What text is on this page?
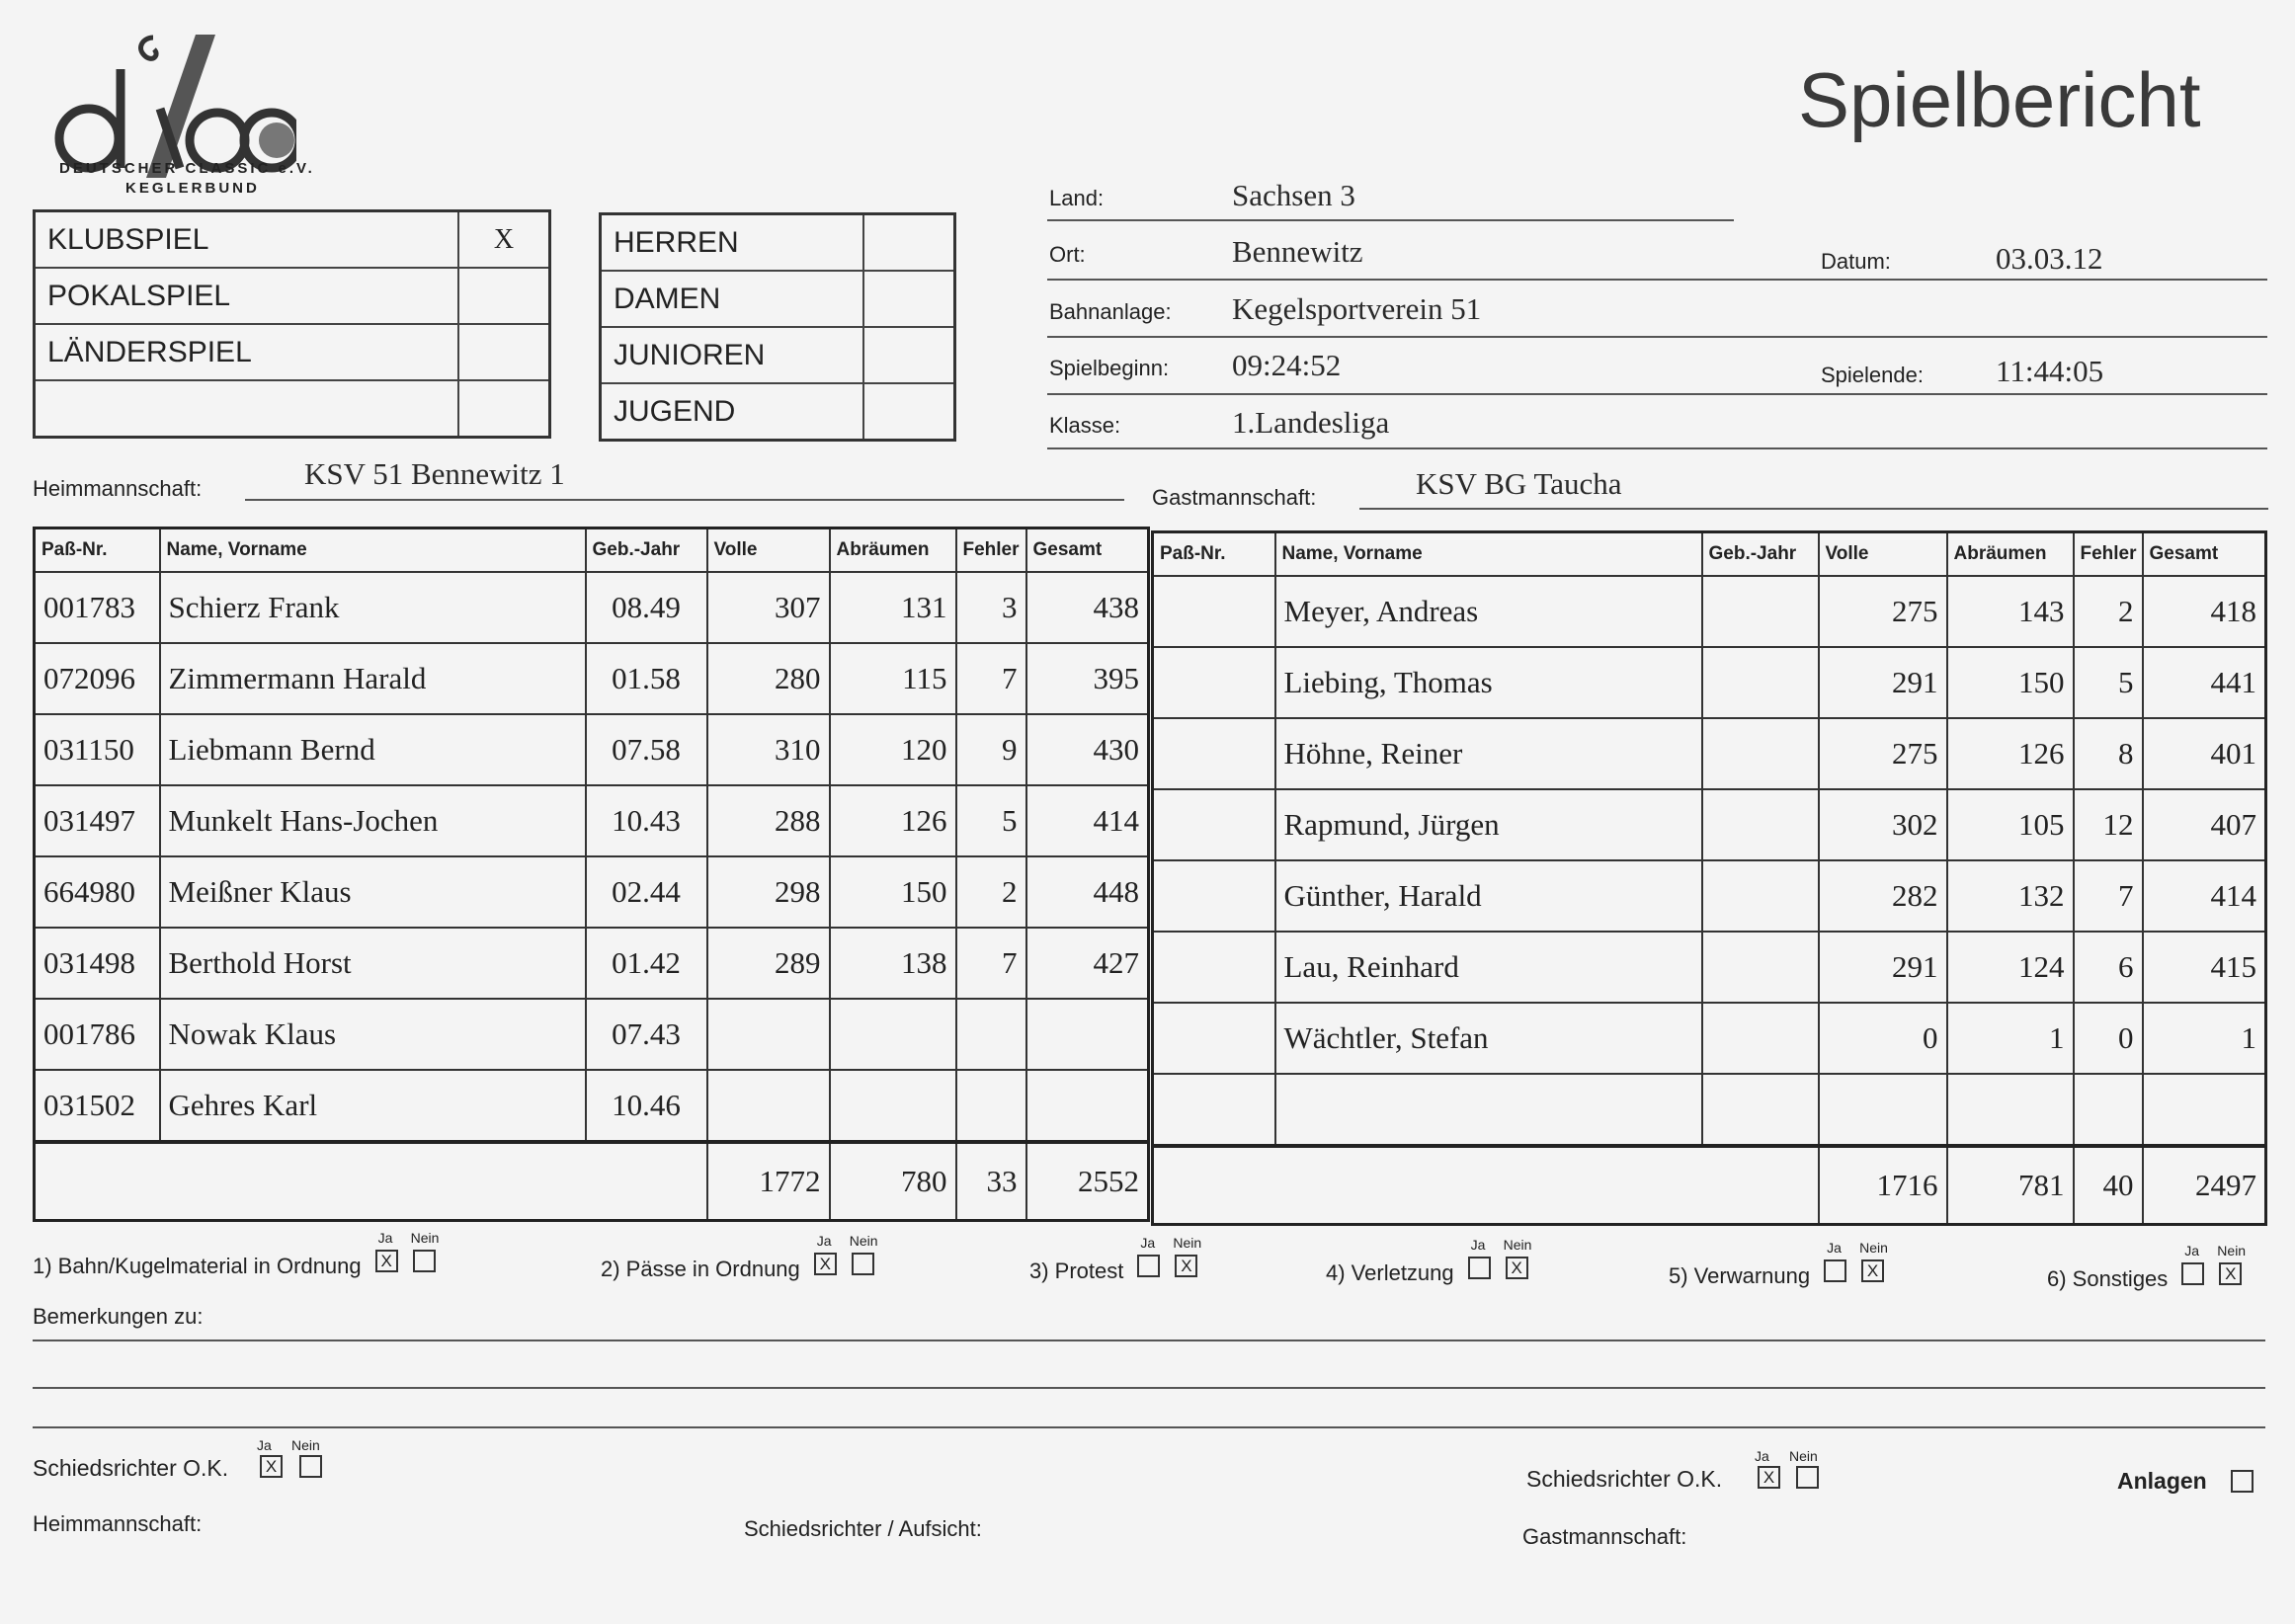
DEUTSCHER CLASSIC e.V.
KEGLERBUND
Spielbericht
KLUBSPIEL	X
POKALSPIEL	
LÄNDERSPIEL	

HERREN	
DAMEN	
JUNIOREN	
JUGEND	
Land:	Sachsen 3
Ort:	Bennewitz	Datum:	03.03.12
Bahnanlage: Kegelsportverein 51
Spielbeginn: 09:24:52	Spielende: 11:44:05
Klasse:	1.Landesliga
Heimmannschaft:	KSV 51 Bennewitz 1
Gastmannschaft:	KSV BG Taucha
Paß-Nr.	Name, Vorname	Geb.-Jahr	Volle	Abräumen	Fehler	Gesamt
001783	Schierz Frank	08.49	307	131	3	438
072096	Zimmermann Harald	01.58	280	115	7	395
031150	Liebmann Bernd	07.58	310	120	9	430
031497	Munkelt Hans-Jochen	10.43	288	126	5	414
664980	Meißner Klaus	02.44	298	150	2	448
031498	Berthold Horst	01.42	289	138	7	427
001786	Nowak Klaus	07.43				
031502	Gehres Karl	10.46				
			1772	780	33	2552
Paß-Nr.	Name, Vorname	Geb.-Jahr	Volle	Abräumen	Fehler	Gesamt
	Meyer, Andreas		275	143	2	418
	Liebing, Thomas		291	150	5	441
	Höhne, Reiner		275	126	8	401
	Rapmund, Jürgen		302	105	12	407
	Günther, Harald		282	132	7	414
	Lau, Reinhard		291	124	6	415
	Wächtler, Stefan		0	1	0	1

			1716	781	40	2497
1) Bahn/Kugelmaterial in Ordnung
Ja Nein
X	2) Pässe in Ordnung
Ja Nein
X	3) Protest
Ja Nein
X	4) Verletzung
Ja Nein
X	5) Verwarnung
Ja Nein
X	6) Sonstiges
Ja Nein
X
Bemerkungen zu:
Ja Nein
Schiedsrichter O.K.	X
Ja Nein
Schiedsrichter O.K.	X	Anlagen
Heimmannschaft:	Schiedsrichter / Aufsicht:	Gastmannschaft:
